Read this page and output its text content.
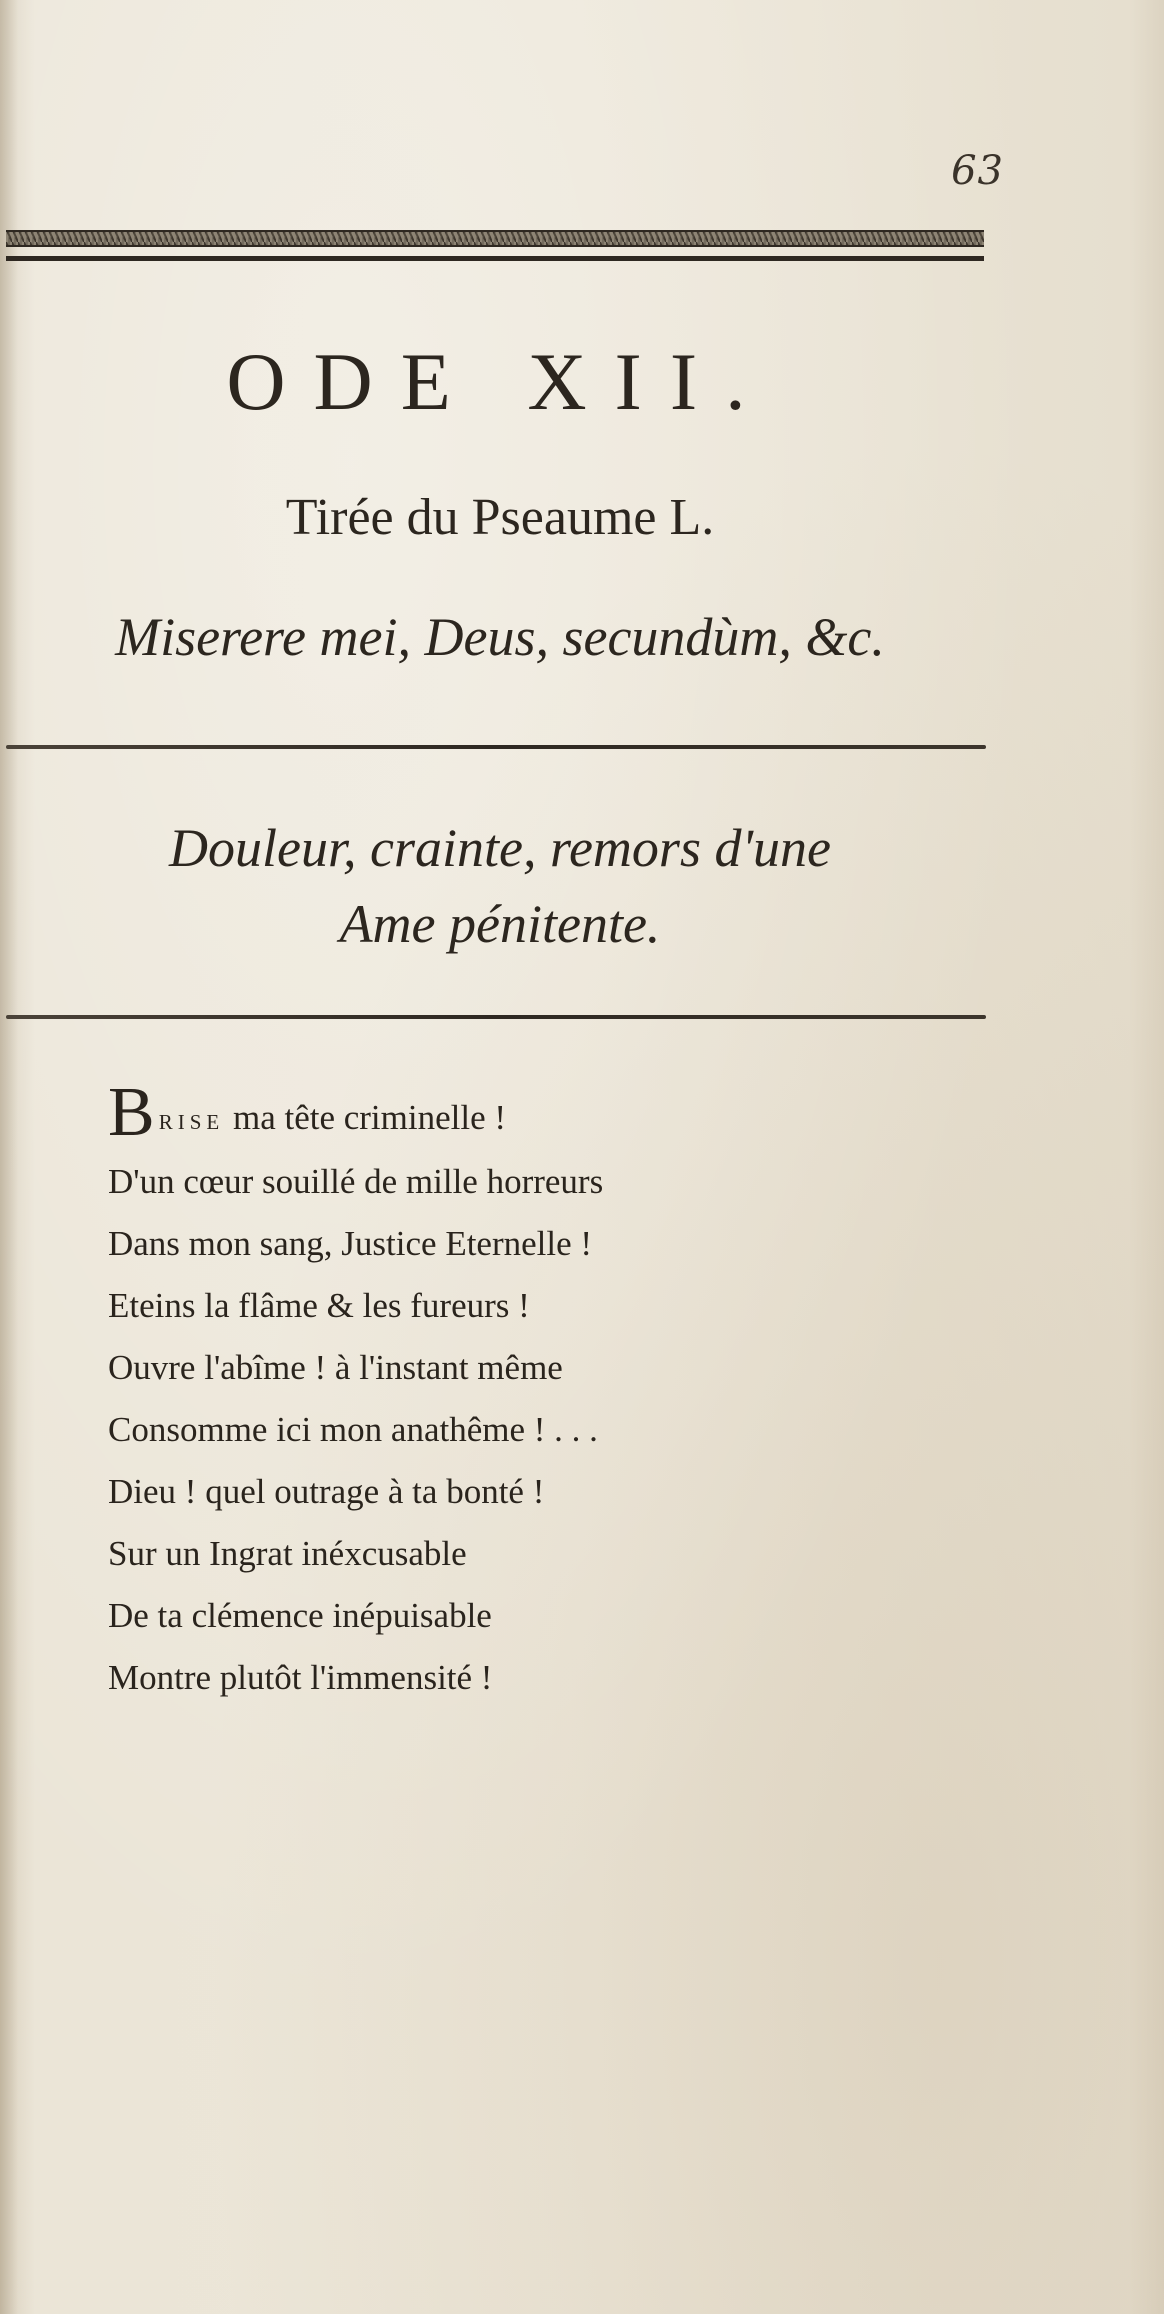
63
ODE XII.
Tirée du Pseaume L.
Miserere mei, Deus, secundùm, &c.
Douleur, crainte, remors d'une
Ame pénitente.
Brise ma tête criminelle !
D'un cœur souillé de mille horreurs
Dans mon sang, Justice Eternelle !
Eteins la flâme & les fureurs !
Ouvre l'abîme ! à l'instant même
Consomme ici mon anathême ! . . .
Dieu ! quel outrage à ta bonté !
Sur un Ingrat inéxcusable
De ta clémence inépuisable
Montre plutôt l'immensité !
